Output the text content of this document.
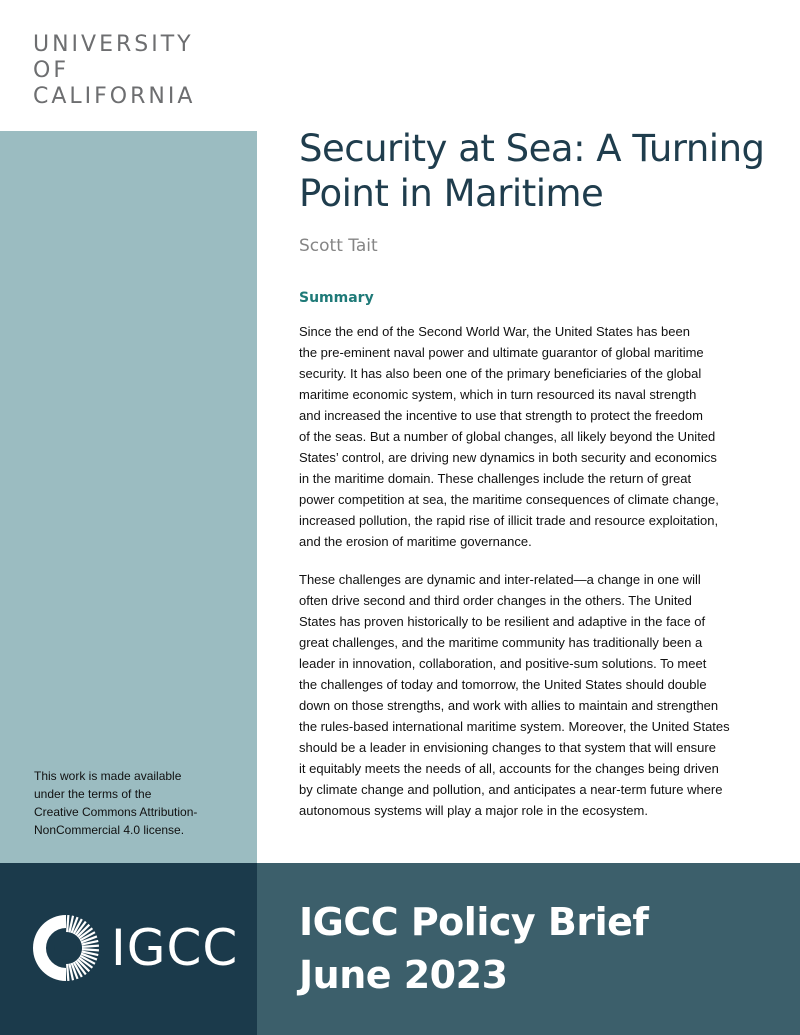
UNIVERSITY
OF
CALIFORNIA
This work is made available
under the terms of the
Creative Commons Attribution-
NonCommercial 4.0 license.
Security at Sea: A Turning Point in Maritime
Scott Tait
Summary
Since the end of the Second World War, the United States has been
the pre-eminent naval power and ultimate guarantor of global maritime
security. It has also been one of the primary beneficiaries of the global
maritime economic system, which in turn resourced its naval strength
and increased the incentive to use that strength to protect the freedom
of the seas. But a number of global changes, all likely beyond the United
States’ control, are driving new dynamics in both security and economics
in the maritime domain. These challenges include the return of great
power competition at sea, the maritime consequences of climate change,
increased pollution, the rapid rise of illicit trade and resource exploitation,
and the erosion of maritime governance.
These challenges are dynamic and inter-related—a change in one will
often drive second and third order changes in the others. The United
States has proven historically to be resilient and adaptive in the face of
great challenges, and the maritime community has traditionally been a
leader in innovation, collaboration, and positive-sum solutions. To meet
the challenges of today and tomorrow, the United States should double
down on those strengths, and work with allies to maintain and strengthen
the rules-based international maritime system. Moreover, the United States
should be a leader in envisioning changes to that system that will ensure
it equitably meets the needs of all, accounts for the changes being driven
by climate change and pollution, and anticipates a near-term future where
autonomous systems will play a major role in the ecosystem.
IGCC IGCC Policy Brief
June 2023
